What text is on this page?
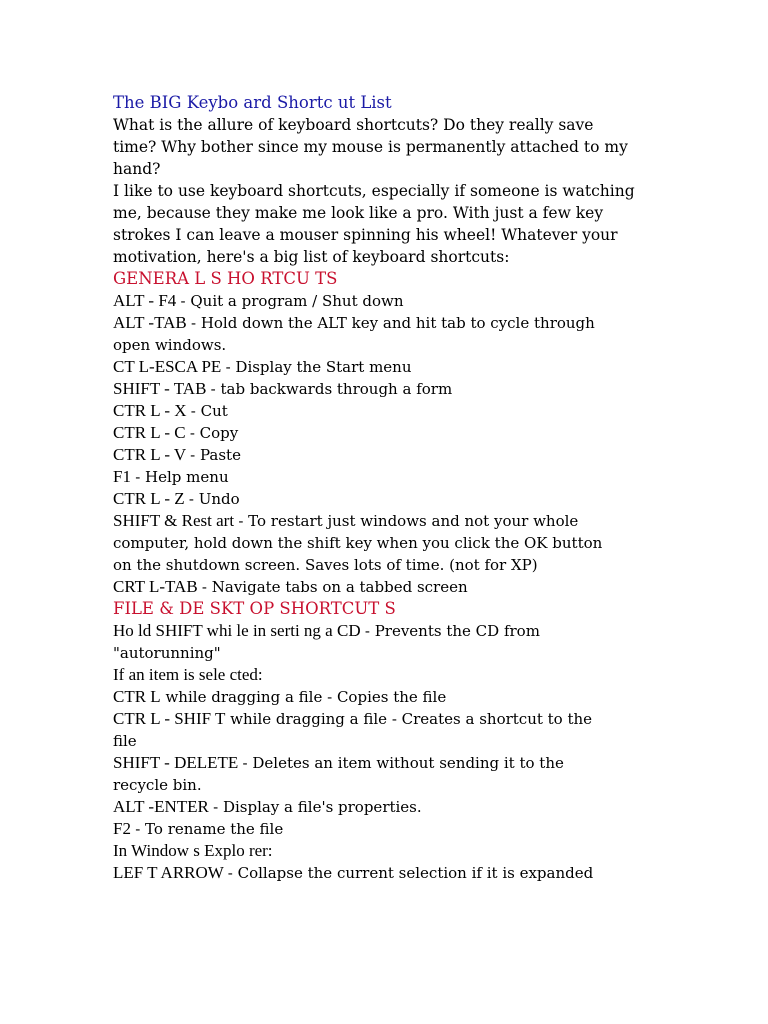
The BIG Keybo ard Shortc ut List
What is the allure of keyboard shortcuts? Do they really save
time? Why bother since my mouse is permanently attached to my
hand?
I like to use keyboard shortcuts, especially if someone is watching
me, because they make me look like a pro. With just a few key
strokes I can leave a mouser spinning his wheel! Whatever your
motivation, here's a big list of keyboard shortcuts:
GENERA L S HO RTCU TS
ALT - F4 - Quit a program / Shut down
ALT -TAB - Hold down the ALT key and hit tab to cycle through
open windows.
CT L-ESCA PE - Display the Start menu
SHIFT - TAB - tab backwards through a form
CTR L - X - Cut
CTR L - C - Copy
CTR L - V - Paste
F1 - Help menu
CTR L - Z - Undo
SHIFT & Rest art - To restart just windows and not your whole
computer, hold down the shift key when you click the OK button
on the shutdown screen. Saves lots of time. (not for XP)
CRT L-TAB - Navigate tabs on a tabbed screen
FILE & DE SKT OP SHORTCUT S
Ho ld SHIFT whi le in serti ng a CD - Prevents the CD from
"autorunning"
If an item is sele cted:
CTR L while dragging a file - Copies the file
CTR L - SHIF T while dragging a file - Creates a shortcut to the
file
SHIFT - DELETE - Deletes an item without sending it to the
recycle bin.
ALT -ENTER - Display a file's properties.
F2 - To rename the file
In Window s Explo rer:
LEF T ARROW - Collapse the current selection if it is expanded
